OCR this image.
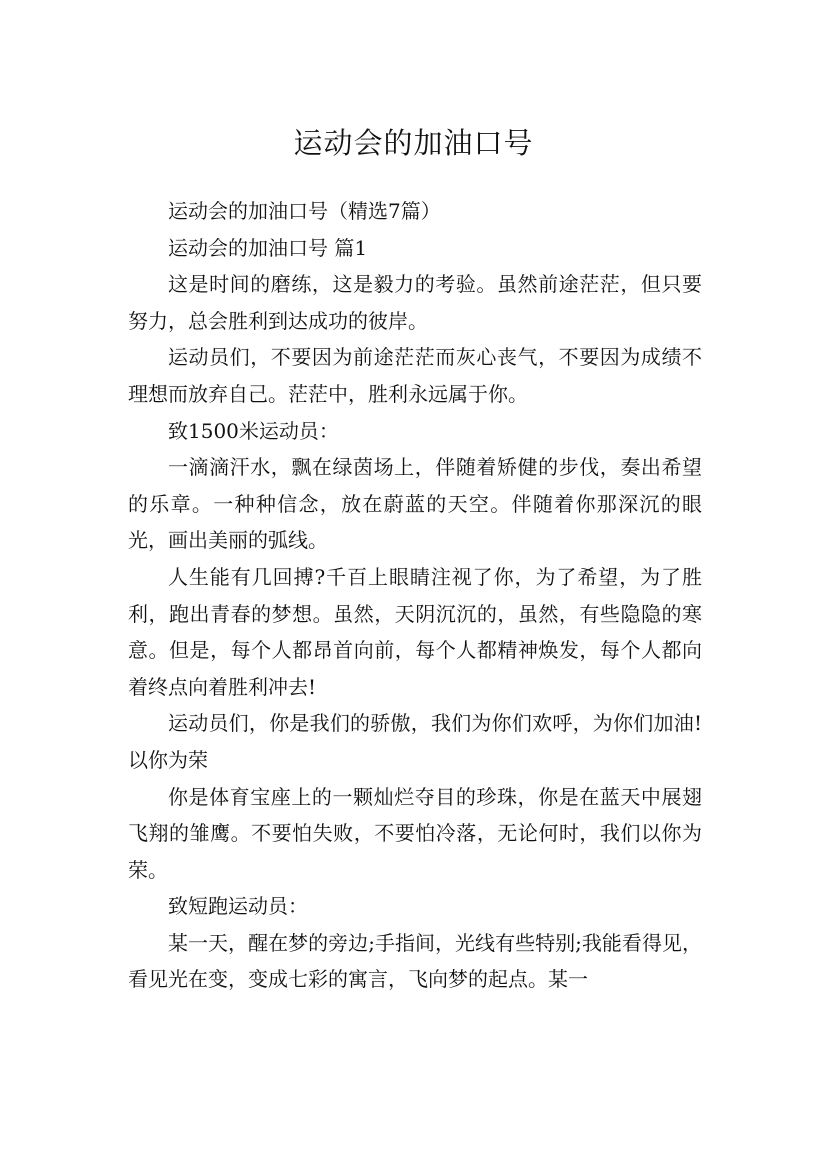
运动会的加油口号

运动会的加油口号（精选7篇）

运动会的加油口号 篇1

这是时间的磨练，这是毅力的考验。虽然前途茫茫，但只要努力，总会胜利到达成功的彼岸。

运动员们，不要因为前途茫茫而灰心丧气，不要因为成绩不理想而放弃自己。茫茫中，胜利永远属于你。

致1500米运动员：

一滴滴汗水，飘在绿茵场上，伴随着矫健的步伐，奏出希望的乐章。一种种信念，放在蔚蓝的天空。伴随着你那深沉的眼光，画出美丽的弧线。

人生能有几回搏?千百上眼睛注视了你，为了希望，为了胜利，跑出青春的梦想。虽然，天阴沉沉的，虽然，有些隐隐的寒意。但是，每个人都昂首向前，每个人都精神焕发，每个人都向着终点向着胜利冲去!

运动员们，你是我们的骄傲，我们为你们欢呼，为你们加油!以你为荣

你是体育宝座上的一颗灿烂夺目的珍珠，你是在蓝天中展翅飞翔的雏鹰。不要怕失败，不要怕冷落，无论何时，我们以你为荣。

致短跑运动员：

某一天，醒在梦的旁边;手指间，光线有些特别;我能看得见，看见光在变，变成七彩的寓言，飞向梦的起点。某一
